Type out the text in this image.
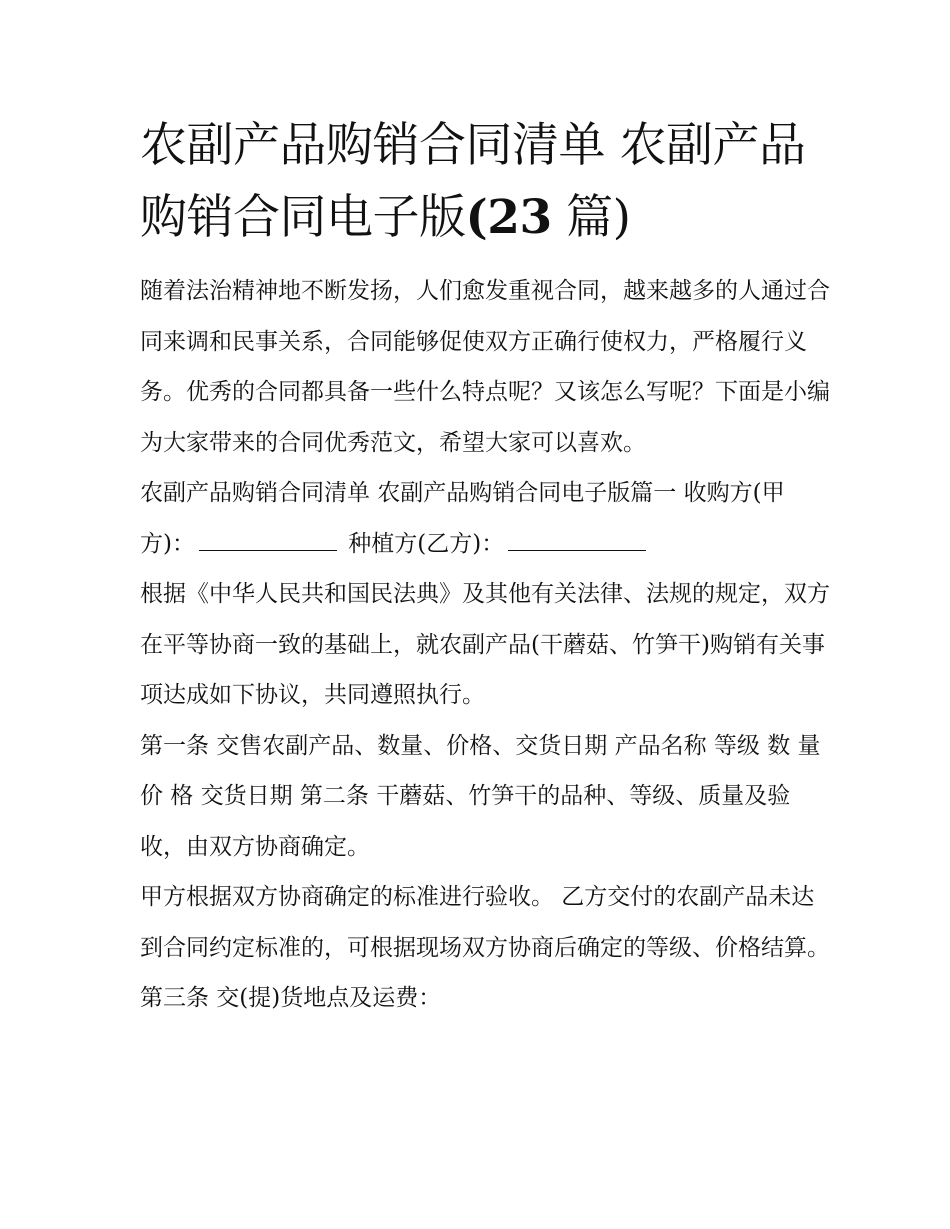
农副产品购销合同清单 农副产品购销合同电子版(23 篇)

随着法治精神地不断发扬，人们愈发重视合同，越来越多的人通过合同来调和民事关系，合同能够促使双方正确行使权力，严格履行义务。优秀的合同都具备一些什么特点呢？又该怎么写呢？下面是小编为大家带来的合同优秀范文，希望大家可以喜欢。

农副产品购销合同清单 农副产品购销合同电子版篇一 收购方(甲方)：	种植方(乙方)：

根据《中华人民共和国民法典》及其他有关法律、法规的规定，双方在平等协商一致的基础上，就农副产品(干蘑菇、竹笋干)购销有关事项达成如下协议，共同遵照执行。

第一条 交售农副产品、数量、价格、交货日期 产品名称 等级 数 量 价 格 交货日期 第二条 干蘑菇、竹笋干的品种、等级、质量及验收，由双方协商确定。

甲方根据双方协商确定的标准进行验收。 乙方交付的农副产品未达到合同约定标准的，可根据现场双方协商后确定的等级、价格结算。 第三条 交(提)货地点及运费：
